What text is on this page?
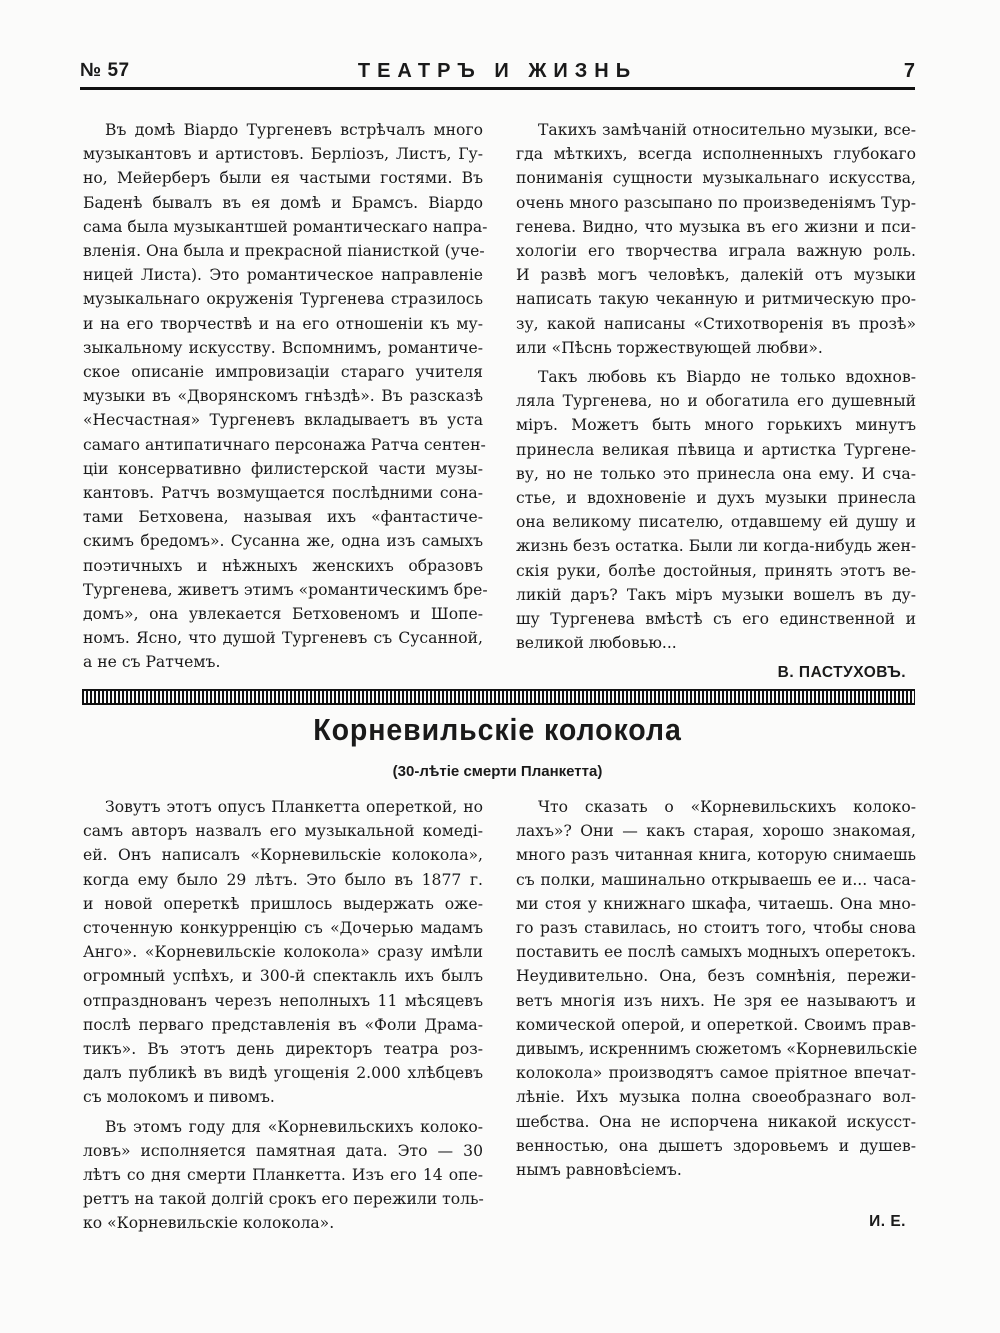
№ 57	ТЕАТРЪ И ЖИЗНЬ	7
Въ домѣ Віардо Тургеневъ встрѣчалъ много
музыкантовъ и артистовъ. Берліозъ, Листъ, Гу-
но, Мейерберъ были ея частыми гостями. Въ
Баденѣ бывалъ въ ея домѣ и Брамсъ. Віардо
сама была музыкантшей романтическаго напра-
вленія. Она была и прекрасной піанисткой (уче-
ницей Листа). Это романтическое направленіе
музыкальнаго окруженія Тургенева стразилось
и на его творчествѣ и на его отношеніи къ му-
зыкальному искусству. Вспомнимъ, романтиче-
ское описаніе импровизаціи стараго учителя
музыки въ «Дворянскомъ гнѣздѣ». Въ разсказѣ
«Несчастная» Тургеневъ вкладываетъ въ уста
самаго антипатичнаго персонажа Ратча сентен-
ціи консервативно филистерской части музы-
кантовъ. Ратчъ возмущается послѣдними сона-
тами Бетховена, называя ихъ «фантастиче-
скимъ бредомъ». Сусанна же, одна изъ самыхъ
поэтичныхъ и нѣжныхъ женскихъ образовъ
Тургенева, живетъ этимъ «романтическимъ бре-
домъ», она увлекается Бетховеномъ и Шопе-
номъ. Ясно, что душой Тургеневъ съ Сусанной,
а не съ Ратчемъ.
Такихъ замѣчаній относительно музыки, все-
гда мѣткихъ, всегда исполненныхъ глубокаго
пониманія сущности музыкальнаго искусства,
очень много разсыпано по произведеніямъ Тур-
генева. Видно, что музыка въ его жизни и пси-
хологіи его творчества играла важную роль.
И развѣ могъ человѣкъ, далекій отъ музыки
написать такую чеканную и ритмическую про-
зу, какой написаны «Стихотворенія въ прозѣ»
или «Пѣснь торжествующей любви».
Такъ любовь къ Віардо не только вдохнов-
ляла Тургенева, но и обогатила его душевный
міръ. Можетъ быть много горькихъ минутъ
принесла великая пѣвица и артистка Тургене-
ву, но не только это принесла она ему. И сча-
стье, и вдохновеніе и духъ музыки принесла
она великому писателю, отдавшему ей душу и
жизнь безъ остатка. Были ли когда-нибудь жен-
скія руки, болѣе достойныя, принять этотъ ве-
ликій даръ? Такъ міръ музыки вошелъ въ ду-
шу Тургенева вмѣстѣ съ его единственной и
великой любовью...
В. ПАСТУХОВЪ.
Корневильскіе колокола
(30-лѣтіе смерти Планкетта)
Зовутъ этотъ опусъ Планкетта опереткой, но
самъ авторъ назвалъ его музыкальной комеді-
ей. Онъ написалъ «Корневильскіе колокола»,
когда ему было 29 лѣтъ. Это было въ 1877 г.
и новой опереткѣ пришлось выдержать оже-
сточенную конкурренцію съ «Дочерью мадамъ
Анго». «Корневильскіе колокола» сразу имѣли
огромный успѣхъ, и 300-й спектакль ихъ былъ
отпразднованъ черезъ неполныхъ 11 мѣсяцевъ
послѣ перваго представленія въ «Фоли Драма-
тикъ». Въ этотъ день директоръ театра роз-
далъ публикѣ въ видѣ угощенія 2.000 хлѣбцевъ
съ молокомъ и пивомъ.
Въ этомъ году для «Корневильскихъ колоко-
ловъ» исполняется памятная дата. Это — 30
лѣтъ со дня смерти Планкетта. Изъ его 14 опе-
реттъ на такой долгій срокъ его пережили толь-
ко «Корневильскіе колокола».
Что сказать о «Корневильскихъ колоко-
лахъ»? Они — какъ старая, хорошо знакомая,
много разъ читанная книга, которую снимаешь
съ полки, машинально открываешь ее и... часа-
ми стоя у книжнаго шкафа, читаешь. Она мно-
го разъ ставилась, но стоитъ того, чтобы снова
поставить ее послѣ самыхъ модныхъ оперетокъ.
Неудивительно. Она, безъ сомнѣнія, пережи-
ветъ многія изъ нихъ. Не зря ее называютъ и
комической оперой, и опереткой. Своимъ прав-
дивымъ, искреннимъ сюжетомъ «Корневильскіе
колокола» производятъ самое пріятное впечат-
лѣніе. Ихъ музыка полна своеобразнаго вол-
шебства. Она не испорчена никакой искусст-
венностью, она дышетъ здоровьемъ и душев-
нымъ равновѣсіемъ.
И. Е.
